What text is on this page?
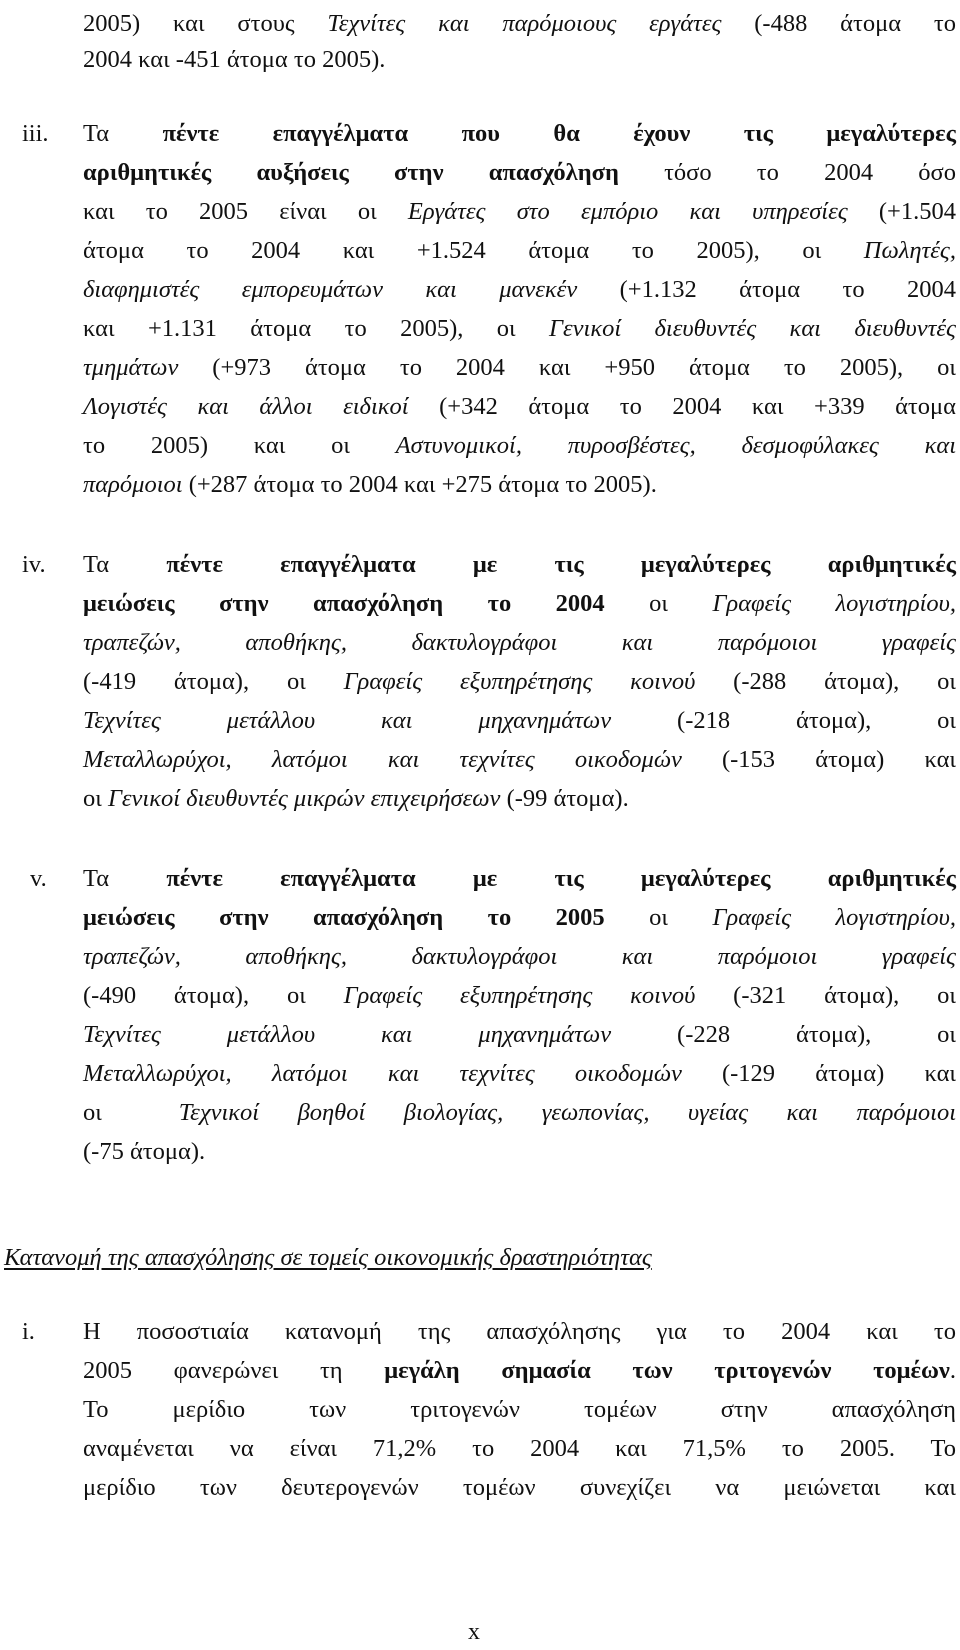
2005) και στους Τεχνίτες και παρόμοιους εργάτες (-488 άτομα το
2004 και -451 άτομα το 2005).
iii. Τα πέντε επαγγέλματα που θα έχουν τις μεγαλύτερες
αριθμητικές αυξήσεις στην απασχόληση τόσο το 2004 όσο
και το 2005 είναι οι Εργάτες στο εμπόριο και υπηρεσίες (+1.504
άτομα το 2004 και +1.524 άτομα το 2005), οι Πωλητές,
διαφημιστές εμπορευμάτων και μανεκέν (+1.132 άτομα το 2004
και +1.131 άτομα το 2005), οι Γενικοί διευθυντές και διευθυντές
τμημάτων (+973 άτομα το 2004 και +950 άτομα το 2005), οι
Λογιστές και άλλοι ειδικοί (+342 άτομα το 2004 και +339 άτομα
το 2005) και οι Αστυνομικοί, πυροσβέστες, δεσμοφύλακες και
παρόμοιοι (+287 άτομα το 2004 και +275 άτομα το 2005).
iv. Τα πέντε επαγγέλματα με τις μεγαλύτερες αριθμητικές
μειώσεις στην απασχόληση το 2004 οι Γραφείς λογιστηρίου,
τραπεζών, αποθήκης, δακτυλογράφοι και παρόμοιοι γραφείς
(-419 άτομα), οι Γραφείς εξυπηρέτησης κοινού (-288 άτομα), οι
Τεχνίτες μετάλλου και μηχανημάτων (-218 άτομα), οι
Μεταλλωρύχοι, λατόμοι και τεχνίτες οικοδομών (-153 άτομα) και
οι Γενικοί διευθυντές μικρών επιχειρήσεων (-99 άτομα).
v. Τα πέντε επαγγέλματα με τις μεγαλύτερες αριθμητικές
μειώσεις στην απασχόληση το 2005 οι Γραφείς λογιστηρίου,
τραπεζών, αποθήκης, δακτυλογράφοι και παρόμοιοι γραφείς
(-490 άτομα), οι Γραφείς εξυπηρέτησης κοινού (-321 άτομα), οι
Τεχνίτες μετάλλου και μηχανημάτων (-228 άτομα), οι
Μεταλλωρύχοι, λατόμοι και τεχνίτες οικοδομών (-129 άτομα) και
οι  Τεχνικοί βοηθοί βιολογίας, γεωπονίας, υγείας και παρόμοιοι
(-75 άτομα).
Κατανομή της απασχόλησης σε τομείς οικονομικής δραστηριότητας
i. Η ποσοστιαία κατανομή της απασχόλησης για το 2004 και το
2005 φανερώνει τη μεγάλη σημασία των τριτογενών τομέων.
Το μερίδιο των τριτογενών τομέων στην απασχόληση
αναμένεται να είναι 71,2% το 2004 και 71,5% το 2005. Το
μερίδιο των δευτερογενών τομέων συνεχίζει να μειώνεται και
x
